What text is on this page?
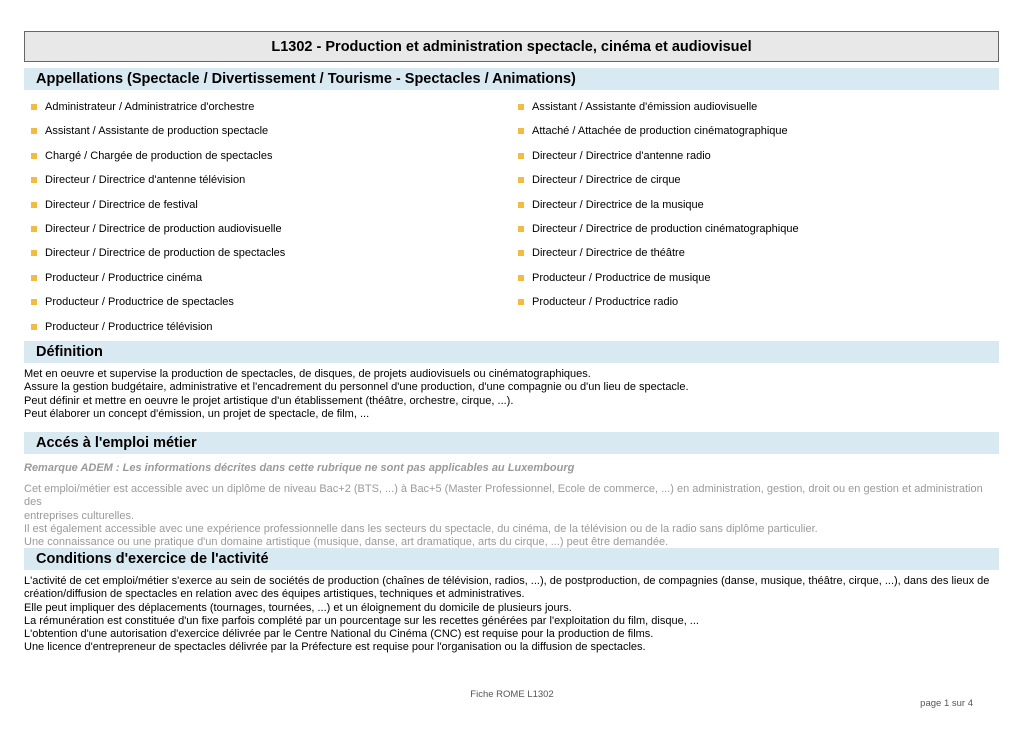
L1302 - Production et administration spectacle, cinéma et audiovisuel
Appellations (Spectacle / Divertissement / Tourisme - Spectacles / Animations)
Administrateur / Administratrice d'orchestre
Assistant / Assistante de production spectacle
Chargé / Chargée de production de spectacles
Directeur / Directrice d'antenne télévision
Directeur / Directrice de festival
Directeur / Directrice de production audiovisuelle
Directeur / Directrice de production de spectacles
Producteur / Productrice cinéma
Producteur / Productrice de spectacles
Producteur / Productrice télévision
Assistant / Assistante d'émission audiovisuelle
Attaché / Attachée de production cinématographique
Directeur / Directrice d'antenne radio
Directeur / Directrice de cirque
Directeur / Directrice de la musique
Directeur / Directrice de production cinématographique
Directeur / Directrice de théâtre
Producteur / Productrice de musique
Producteur / Productrice radio
Définition
Met en oeuvre et supervise la production de spectacles, de disques, de projets audiovisuels ou cinématographiques.
Assure la gestion budgétaire, administrative et l'encadrement du personnel d'une production, d'une compagnie ou d'un lieu de spectacle.
Peut définir et mettre en oeuvre le projet artistique d'un établissement (théâtre, orchestre, cirque, ...).
Peut élaborer un concept d'émission, un projet de spectacle, de film, ...
Accés à l'emploi métier
Remarque ADEM : Les informations décrites dans cette rubrique ne sont pas applicables au Luxembourg
Cet emploi/métier est accessible avec un diplôme de niveau Bac+2 (BTS, ...) à Bac+5 (Master Professionnel, Ecole de commerce, ...) en administration, gestion, droit ou en gestion et administration des
entreprises culturelles.
Il est également accessible avec une expérience professionnelle dans les secteurs du spectacle, du cinéma, de la télévision ou de la radio sans diplôme particulier.
Une connaissance ou une pratique d'un domaine artistique (musique, danse, art dramatique, arts du cirque, ...) peut être demandée.
Conditions d'exercice de l'activité
L'activité de cet emploi/métier s'exerce au sein de sociétés de production (chaînes de télévision, radios, ...), de postproduction, de compagnies (danse, musique, théâtre, cirque, ...), dans des lieux de
création/diffusion de spectacles en relation avec des équipes artistiques, techniques et administratives.
Elle peut impliquer des déplacements (tournages, tournées, ...) et un éloignement du domicile de plusieurs jours.
La rémunération est constituée d'un fixe parfois complété par un pourcentage sur les recettes générées par l'exploitation du film, disque, ...
L'obtention d'une autorisation d'exercice délivrée par le Centre National du Cinéma (CNC) est requise pour la production de films.
Une licence d'entrepreneur de spectacles délivrée par la Préfecture est requise pour l'organisation ou la diffusion de spectacles.
Fiche ROME L1302
page 1 sur 4
